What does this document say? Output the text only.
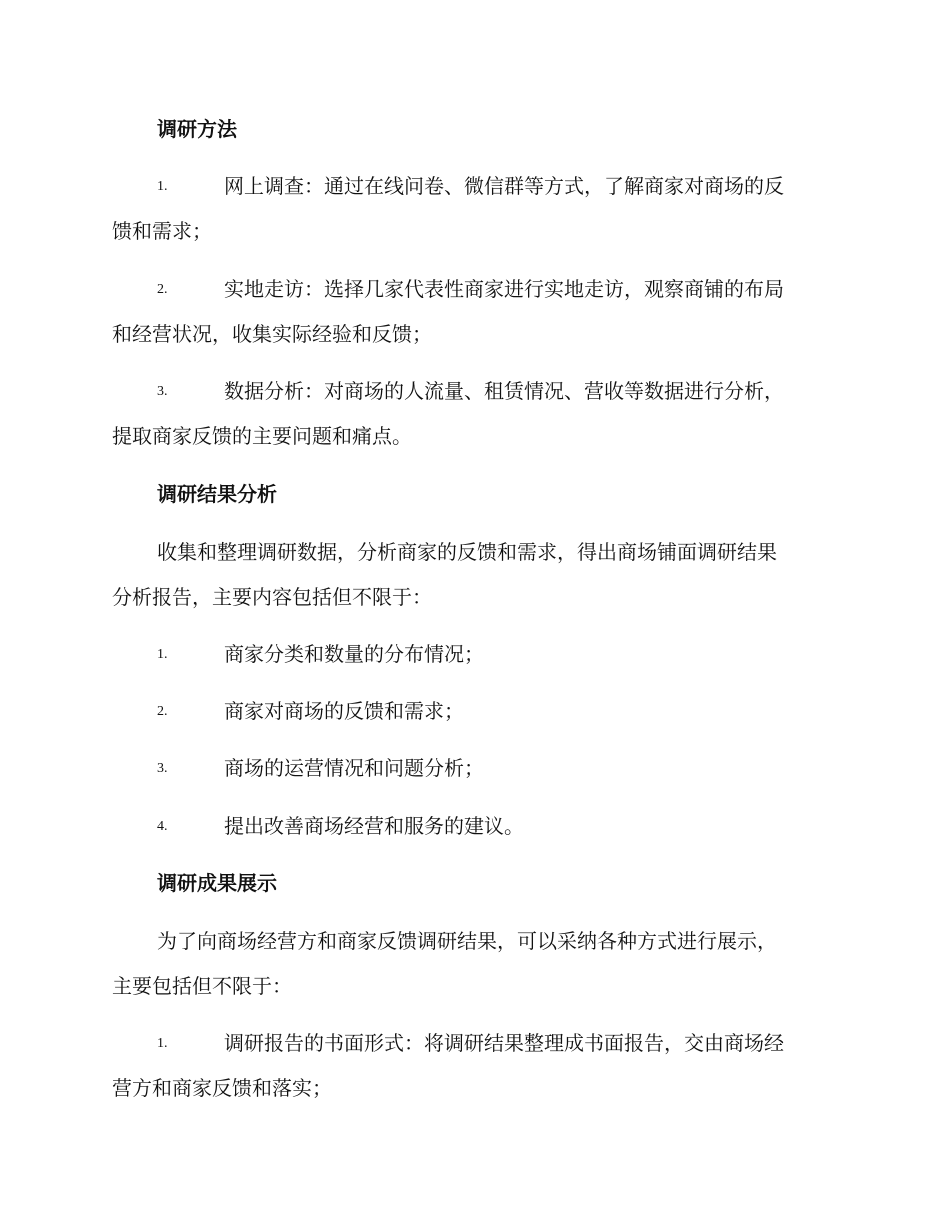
调研方法
1.	网上调查：通过在线问卷、微信群等方式，了解商家对商场的反
馈和需求；
2.	实地走访：选择几家代表性商家进行实地走访，观察商铺的布局
和经营状况，收集实际经验和反馈；
3.	数据分析：对商场的人流量、租赁情况、营收等数据进行分析，
提取商家反馈的主要问题和痛点。
调研结果分析
收集和整理调研数据，分析商家的反馈和需求，得出商场铺面调研结果
分析报告，主要内容包括但不限于：
1.	商家分类和数量的分布情况；
2.	商家对商场的反馈和需求；
3.	商场的运营情况和问题分析；
4.	提出改善商场经营和服务的建议。
调研成果展示
为了向商场经营方和商家反馈调研结果，可以采纳各种方式进行展示，
主要包括但不限于：
1.	调研报告的书面形式：将调研结果整理成书面报告，交由商场经
营方和商家反馈和落实；
